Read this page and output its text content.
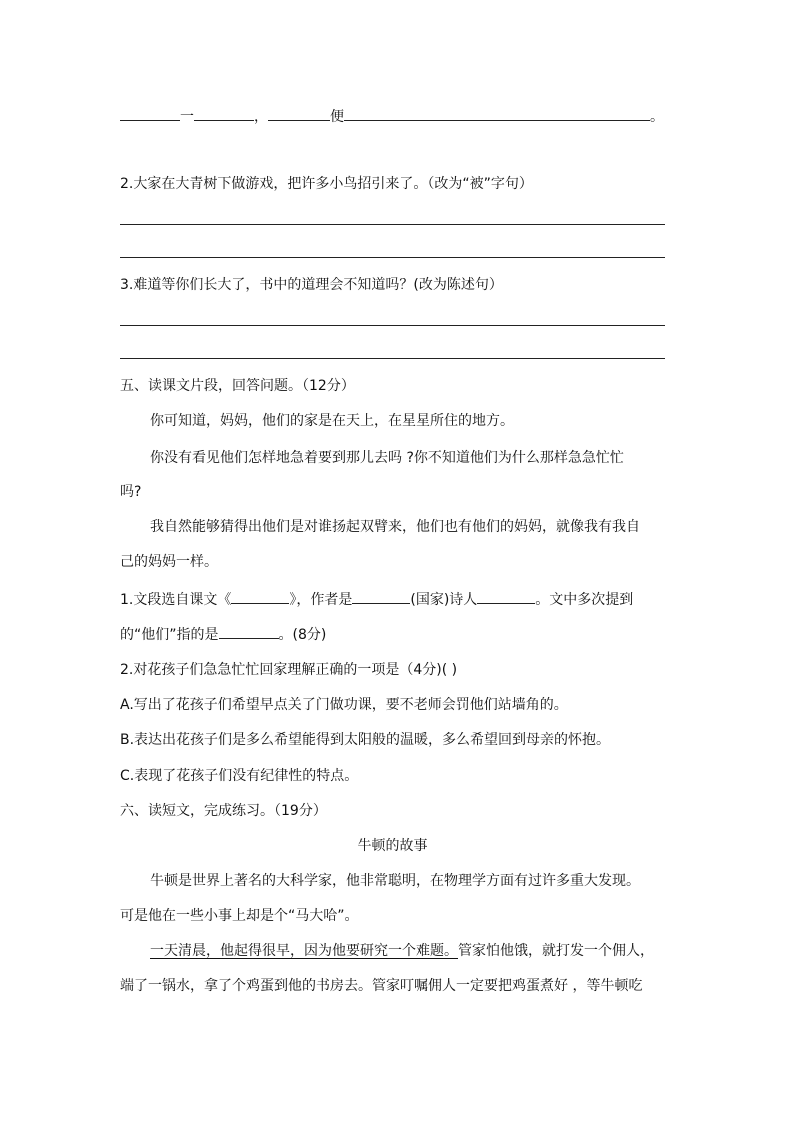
一	，	便	。
2.大家在大青树下做游戏，把许多小鸟招引来了。（改为“被”字句）
3.难道等你们长大了，书中的道理会不知道吗？(改为陈述句）
五、读课文片段，回答问题。（12分）
你可知道，妈妈，他们的家是在天上，在星星所住的地方。
你没有看见他们怎样地急着要到那儿去吗 ?你不知道他们为什么那样急急忙忙
吗?
我自然能够猜得出他们是对谁扬起双臂来，他们也有他们的妈妈，就像我有我自
己的妈妈一样。
1.文段选自课文《	》，作者是	(国家)诗人	。文中多次提到
的“他们”指的是	。(8分)
2.对花孩子们急急忙忙回家理解正确的一项是（4分)( )
A.写出了花孩子们希望早点关了门做功课，要不老师会罚他们站墙角的。
B.表达出花孩子们是多么希望能得到太阳般的温暖，多么希望回到母亲的怀抱。
C.表现了花孩子们没有纪律性的特点。
六、读短文，完成练习。（19分）
牛顿的故事
牛顿是世界上著名的大科学家，他非常聪明，在物理学方面有过许多重大发现。
可是他在一些小事上却是个“马大哈”。
一天清晨，他起得很早，因为他要研究一个难题。管家怕他饿，就打发一个佣人，
端了一锅水，拿了个鸡蛋到他的书房去。管家叮嘱佣人一定要把鸡蛋煮好 ，等牛顿吃
